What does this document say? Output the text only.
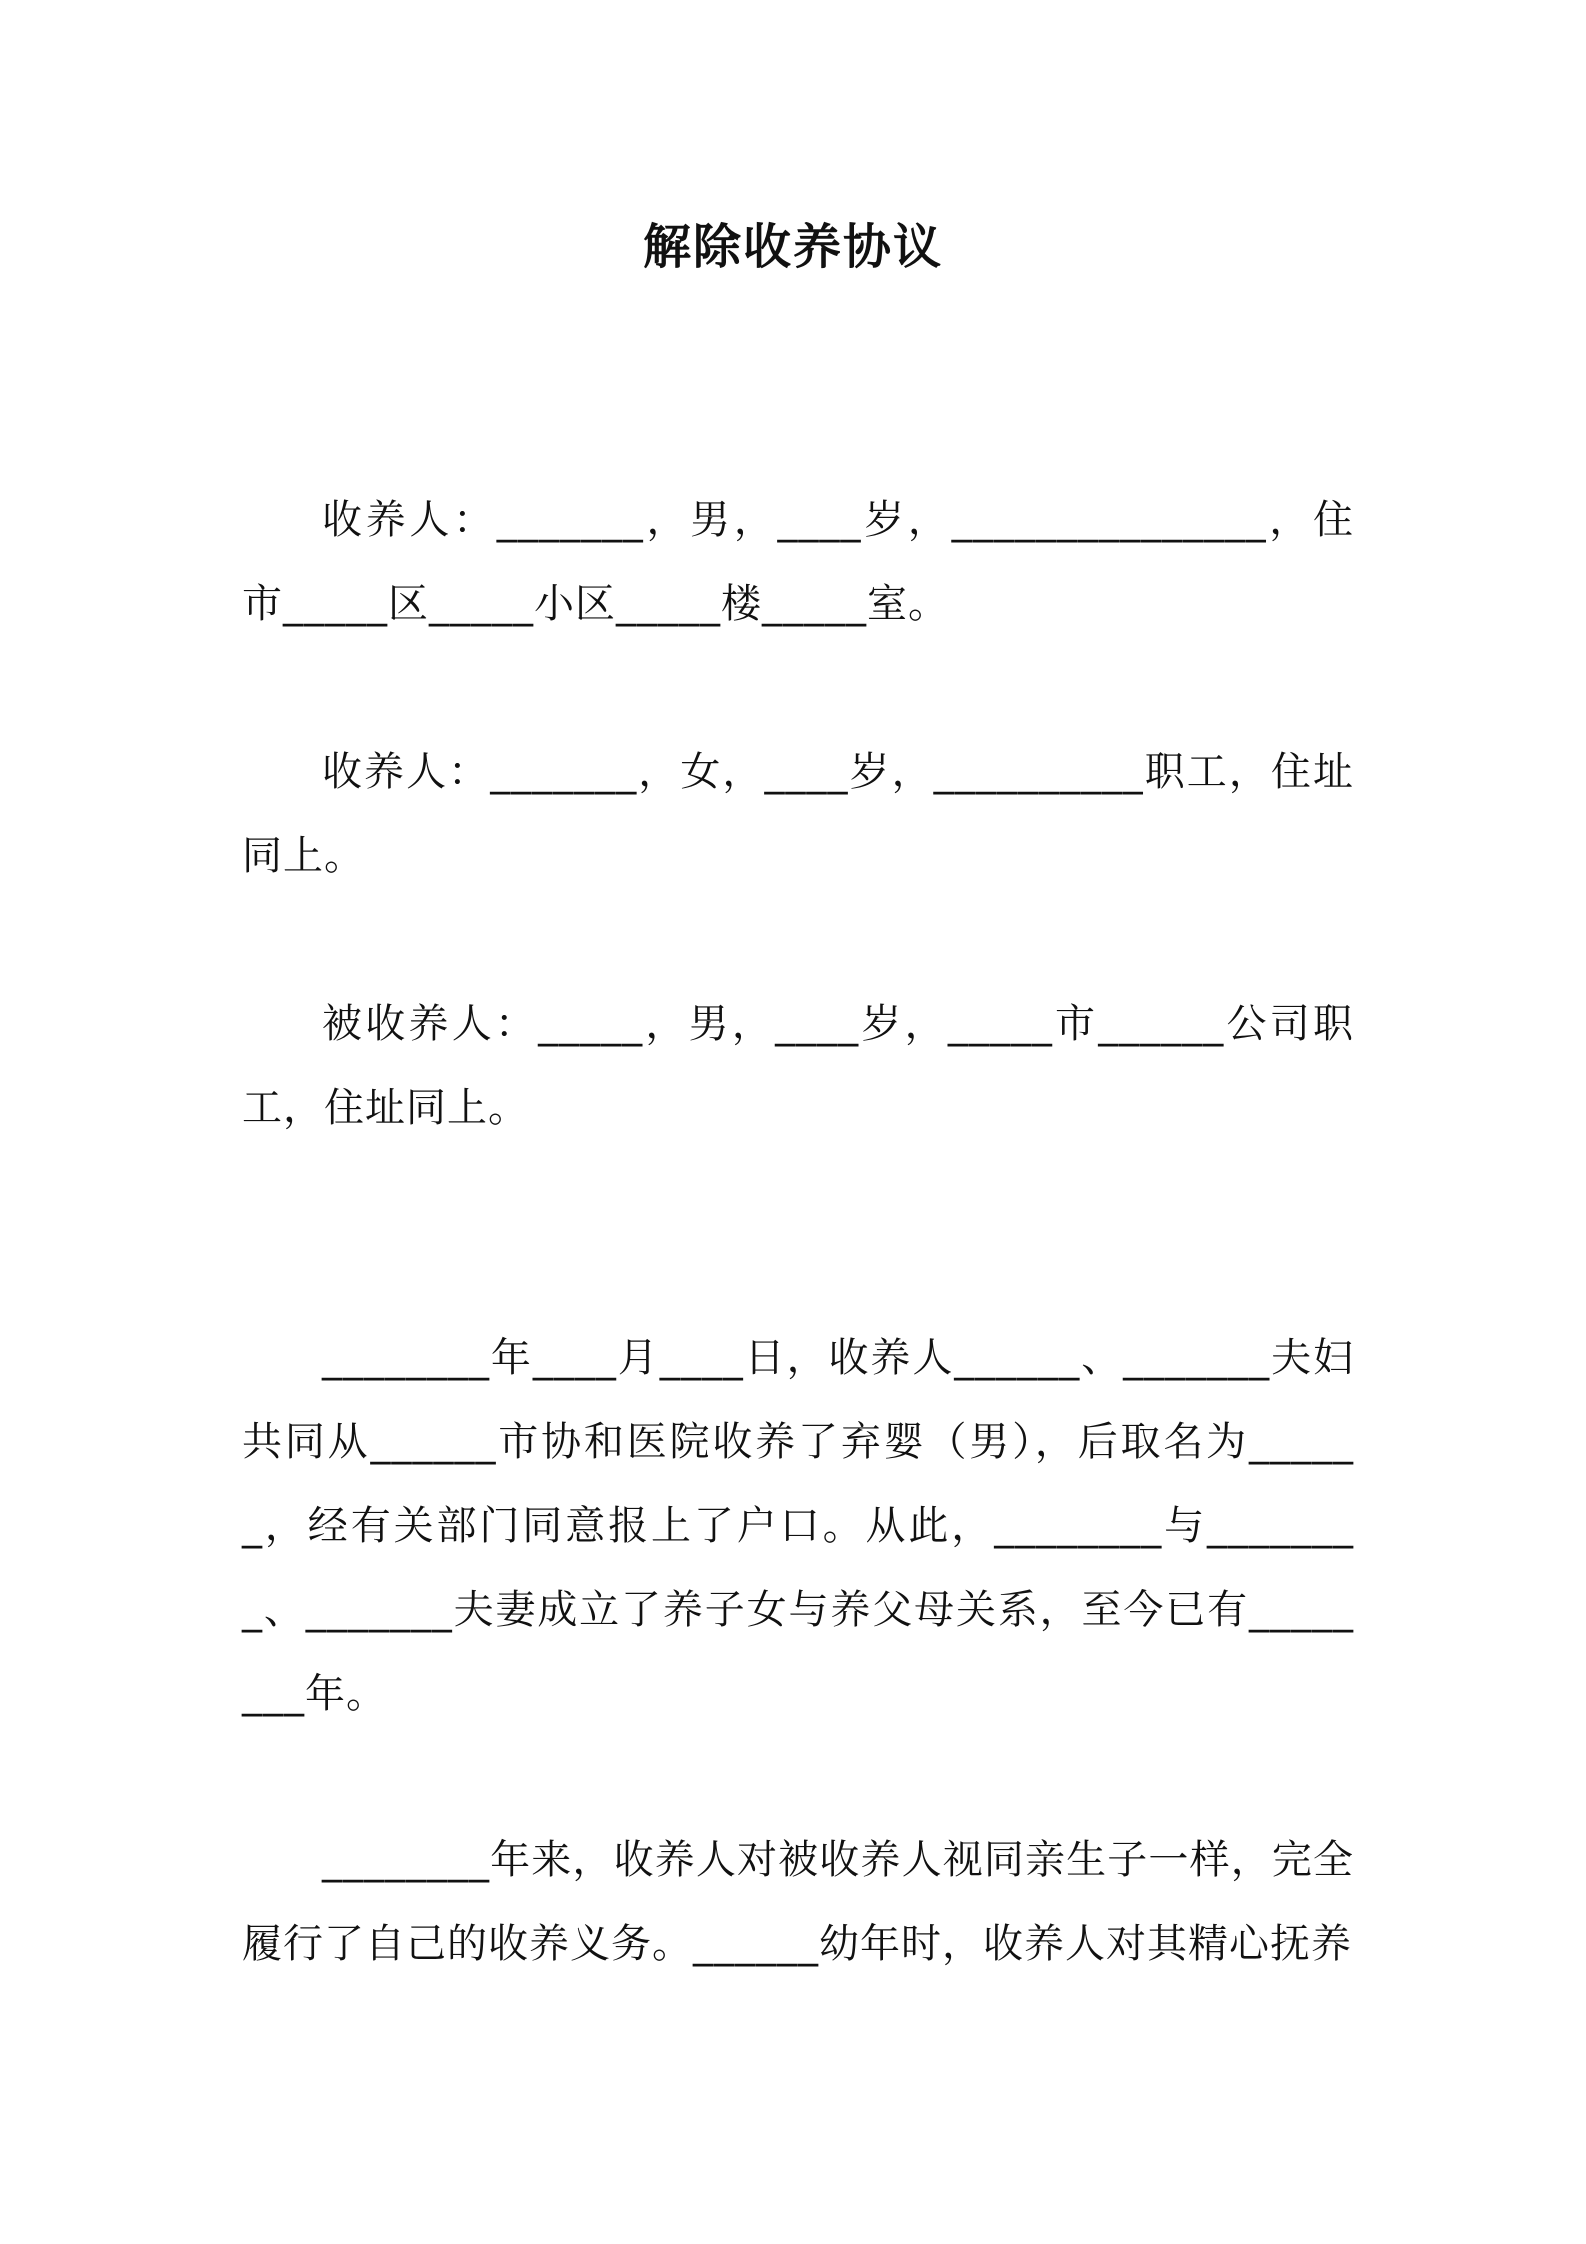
解除收养协议

收养人：_______，男，____岁，_______________，住市_____区_____小区_____楼_____室。

收养人：_______，女，____岁，__________职工，住址同上。

被收养人：_____，男，____岁，_____市______公司职工，住址同上。

________年____月____日，收养人______、_______夫妇共同从______市协和医院收养了弃婴（男），后取名为______，经有关部门同意报上了户口。从此，________与________、_______夫妻成立了养子女与养父母关系，至今已有________年。

________年来，收养人对被收养人视同亲生子一样，完全履行了自己的收养义务。______幼年时，收养人对其精心抚养
